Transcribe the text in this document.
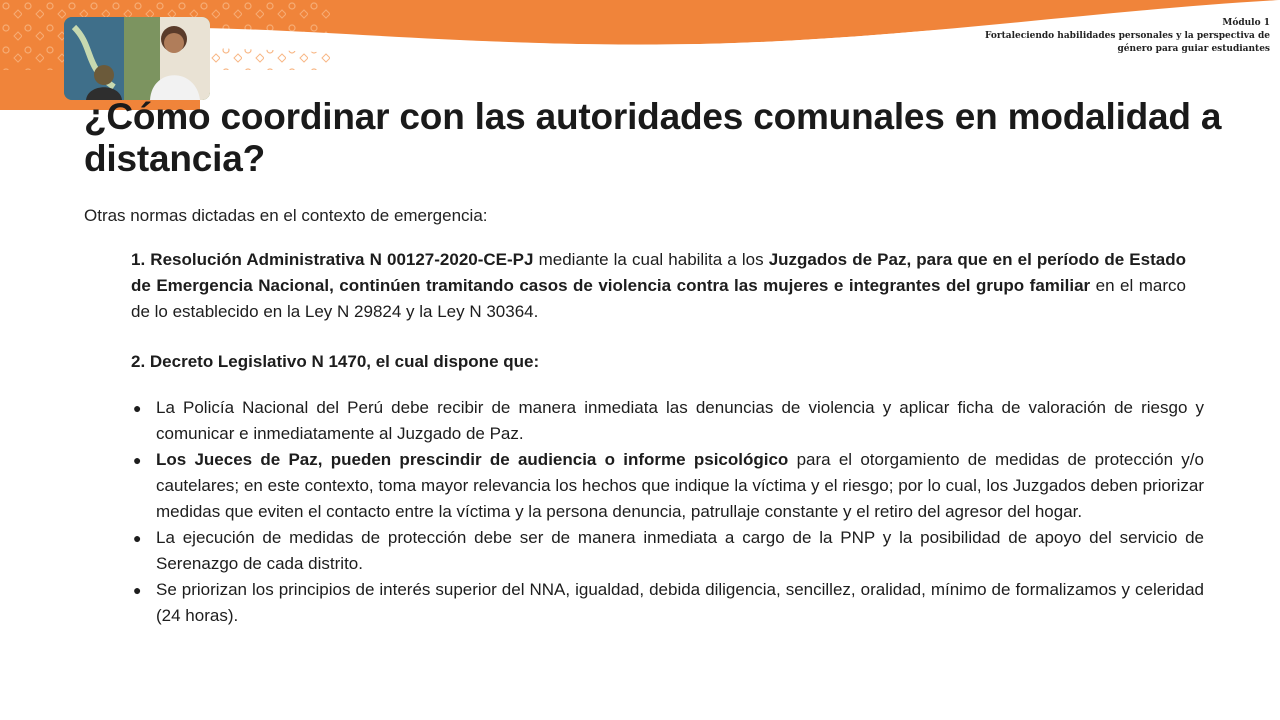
Módulo 1
Fortaleciendo habilidades personales y la perspectiva de
género para guiar estudiantes
¿Cómo coordinar con las autoridades comunales en modalidad a distancia?

Otras normas dictadas en el contexto de emergencia:

1. Resolución Administrativa N 00127-2020-CE-PJ mediante la cual habilita a los Juzgados de Paz, para que en el período de Estado de Emergencia Nacional, continúen tramitando casos de violencia contra las mujeres e integrantes del grupo familiar en el marco de lo establecido en la Ley N 29824 y la Ley N 30364.

2. Decreto Legislativo N 1470, el cual dispone que:

● La Policía Nacional del Perú debe recibir de manera inmediata las denuncias de violencia y aplicar ficha de valoración de riesgo y comunicar e inmediatamente al Juzgado de Paz.
● Los Jueces de Paz, pueden prescindir de audiencia o informe psicológico para el otorgamiento de medidas de protección y/o cautelares; en este contexto, toma mayor relevancia los hechos que indique la víctima y el riesgo; por lo cual, los Juzgados deben priorizar medidas que eviten el contacto entre la víctima y la persona denuncia, patrullaje constante y el retiro del agresor del hogar.
● La ejecución de medidas de protección debe ser de manera inmediata a cargo de la PNP y la posibilidad de apoyo del servicio de Serenazgo de cada distrito.
● Se priorizan los principios de interés superior del NNA, igualdad, debida diligencia, sencillez, oralidad, mínimo de formalizamos y celeridad (24 horas).
